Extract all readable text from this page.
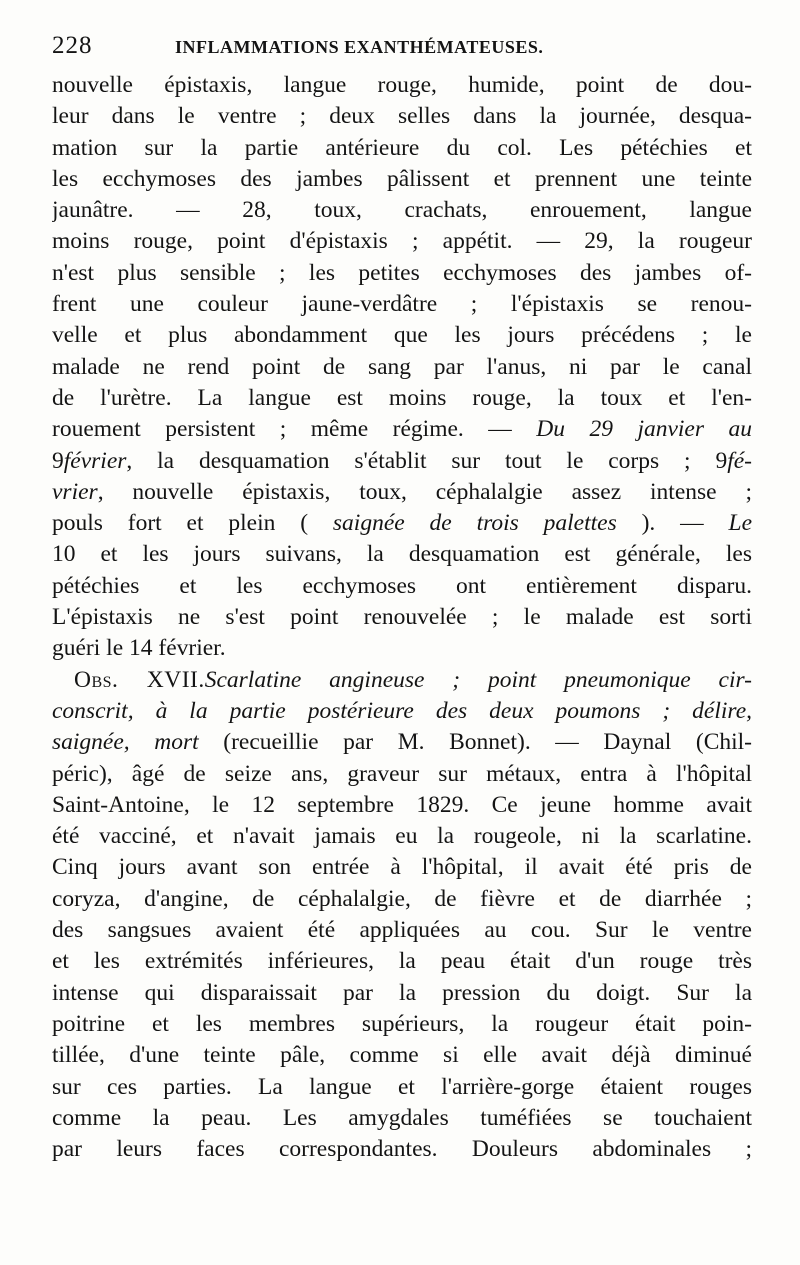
228	INFLAMMATIONS EXANTHÉMATEUSES.
nouvelle épistaxis, langue rouge, humide, point de dou-
leur dans le ventre ; deux selles dans la journée, desqua-
mation sur la partie antérieure du col. Les pétéchies et
les ecchymoses des jambes pâlissent et prennent une teinte
jaunâtre. — 28, toux, crachats, enrouement, langue
moins rouge, point d'épistaxis ; appétit. — 29, la rougeur
n'est plus sensible ; les petites ecchymoses des jambes of-
frent une couleur jaune-verdâtre ; l'épistaxis se renou-
velle et plus abondamment que les jours précédens ; le
malade ne rend point de sang par l'anus, ni par le canal
de l'urètre. La langue est moins rouge, la toux et l'en-
rouement persistent ; même régime. — Du 29 janvier au
9février, la desquamation s'établit sur tout le corps ; 9fé-
vrier, nouvelle épistaxis, toux, céphalalgie assez intense ;
pouls fort et plein ( saignée de trois palettes ). — Le
10 et les jours suivans, la desquamation est générale, les
pétéchies et les ecchymoses ont entièrement disparu.
L'épistaxis ne s'est point renouvelée ; le malade est sorti
guéri le 14 février.
Obs. XVII.Scarlatine angineuse ; point pneumonique cir-
conscrit, à la partie postérieure des deux poumons ; délire,
saignée, mort (recueillie par M. Bonnet). — Daynal (Chil-
péric), âgé de seize ans, graveur sur métaux, entra à l'hôpital
Saint-Antoine, le 12 septembre 1829. Ce jeune homme avait
été vacciné, et n'avait jamais eu la rougeole, ni la scarlatine.
Cinq jours avant son entrée à l'hôpital, il avait été pris de
coryza, d'angine, de céphalalgie, de fièvre et de diarrhée ;
des sangsues avaient été appliquées au cou. Sur le ventre
et les extrémités inférieures, la peau était d'un rouge très
intense qui disparaissait par la pression du doigt. Sur la
poitrine et les membres supérieurs, la rougeur était poin-
tillée, d'une teinte pâle, comme si elle avait déjà diminué
sur ces parties. La langue et l'arrière-gorge étaient rouges
comme la peau. Les amygdales tuméfiées se touchaient
par leurs faces correspondantes. Douleurs abdominales ;
